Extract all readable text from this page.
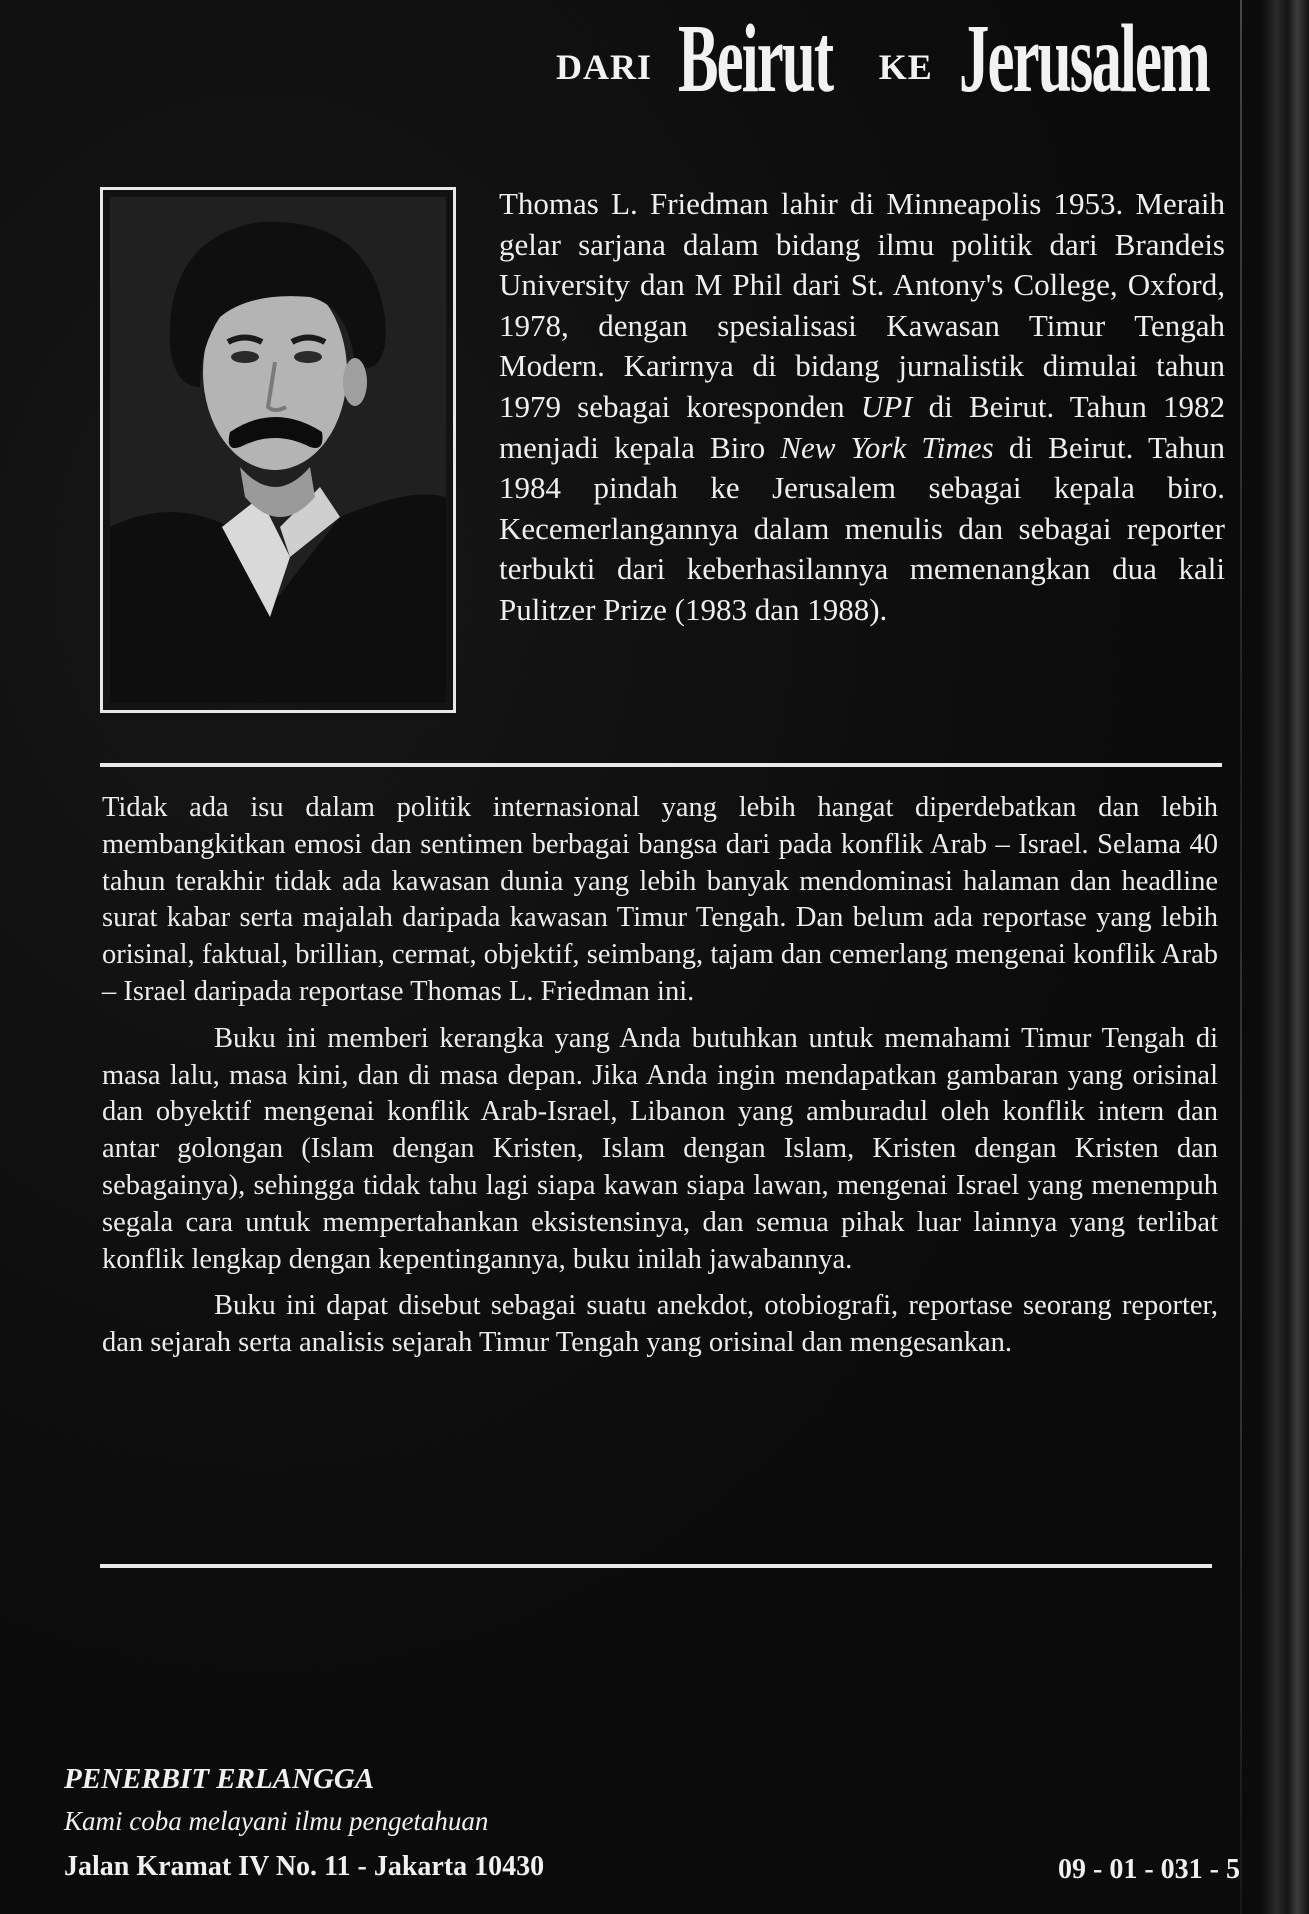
DARI Beirut KE Jerusalem
Thomas L. Friedman lahir di Minneapolis 1953. Meraih gelar sarjana dalam bidang ilmu politik dari Brandeis University dan M Phil dari St. Antony's College, Oxford, 1978, dengan spesialisasi Kawasan Timur Tengah Modern. Karirnya di bidang jurnalistik dimulai tahun 1979 sebagai koresponden UPI di Beirut. Tahun 1982 menjadi kepala Biro New York Times di Beirut. Tahun 1984 pindah ke Jerusalem sebagai kepala biro. Kecemerlangannya dalam menulis dan sebagai reporter terbukti dari keberhasilannya memenangkan dua kali Pulitzer Prize (1983 dan 1988).

Tidak ada isu dalam politik internasional yang lebih hangat diperdebatkan dan lebih membangkitkan emosi dan sentimen berbagai bangsa dari pada konflik Arab – Israel. Selama 40 tahun terakhir tidak ada kawasan dunia yang lebih banyak mendominasi halaman dan headline surat kabar serta majalah daripada kawasan Timur Tengah. Dan belum ada reportase yang lebih orisinal, faktual, brillian, cermat, objektif, seimbang, tajam dan cemerlang mengenai konflik Arab – Israel daripada reportase Thomas L. Friedman ini.

Buku ini memberi kerangka yang Anda butuhkan untuk memahami Timur Tengah di masa lalu, masa kini, dan di masa depan. Jika Anda ingin mendapatkan gambaran yang orisinal dan obyektif mengenai konflik Arab-Israel, Libanon yang amburadul oleh konflik intern dan antar golongan (Islam dengan Kristen, Islam dengan Islam, Kristen dengan Kristen dan sebagainya), sehingga tidak tahu lagi siapa kawan siapa lawan, mengenai Israel yang menempuh segala cara untuk mempertahankan eksistensinya, dan semua pihak luar lainnya yang terlibat konflik lengkap dengan kepentingannya, buku inilah jawabannya.

Buku ini dapat disebut sebagai suatu anekdot, otobiografi, reportase seorang reporter, dan sejarah serta analisis sejarah Timur Tengah yang orisinal dan mengesankan.

PENERBIT ERLANGGA
Kami coba melayani ilmu pengetahuan
Jalan Kramat IV No. 11 - Jakarta 10430	09 - 01 - 031 - 5
